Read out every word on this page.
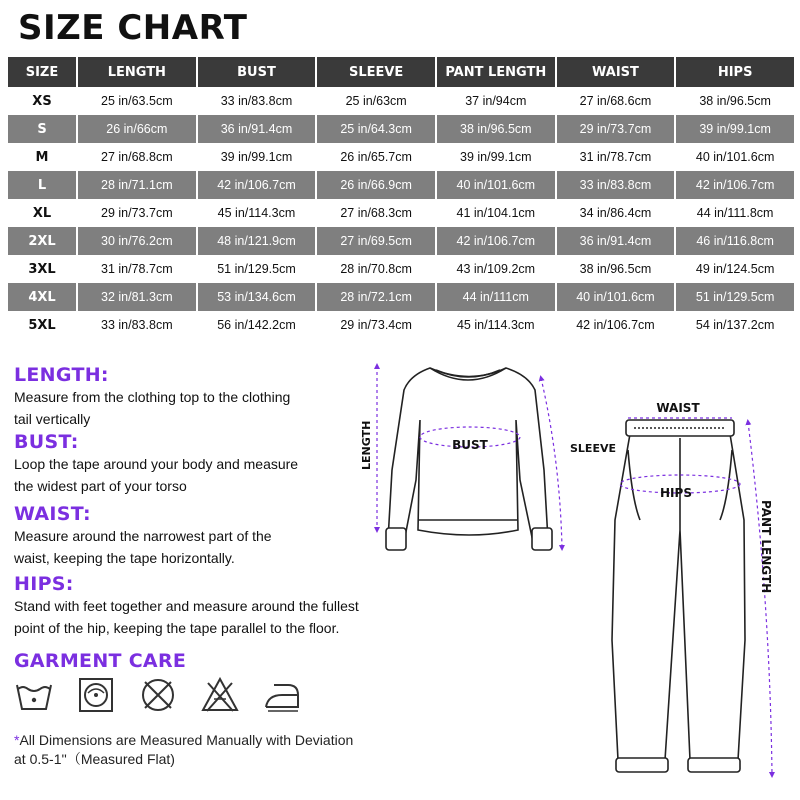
SIZE CHART
SIZE	LENGTH	BUST	SLEEVE	PANT LENGTH	WAIST	HIPS
XS	25 in/63.5cm	33 in/83.8cm	25 in/63cm	37 in/94cm	27 in/68.6cm	38 in/96.5cm
S	26 in/66cm	36 in/91.4cm	25 in/64.3cm	38 in/96.5cm	29 in/73.7cm	39 in/99.1cm
M	27 in/68.8cm	39 in/99.1cm	26 in/65.7cm	39 in/99.1cm	31 in/78.7cm	40 in/101.6cm
L	28 in/71.1cm	42 in/106.7cm	26 in/66.9cm	40 in/101.6cm	33 in/83.8cm	42 in/106.7cm
XL	29 in/73.7cm	45 in/114.3cm	27 in/68.3cm	41 in/104.1cm	34 in/86.4cm	44 in/111.8cm
2XL	30 in/76.2cm	48 in/121.9cm	27 in/69.5cm	42 in/106.7cm	36 in/91.4cm	46 in/116.8cm
3XL	31 in/78.7cm	51 in/129.5cm	28 in/70.8cm	43 in/109.2cm	38 in/96.5cm	49 in/124.5cm
4XL	32 in/81.3cm	53 in/134.6cm	28 in/72.1cm	44 in/111cm	40 in/101.6cm	51 in/129.5cm
5XL	33 in/83.8cm	56 in/142.2cm	29 in/73.4cm	45 in/114.3cm	42 in/106.7cm	54 in/137.2cm
LENGTH:
Measure from the clothing top to the clothing
tail vertically
BUST:
Loop the tape around your body and measure
the widest part of your torso
WAIST:
Measure around the narrowest part of the
waist, keeping the tape horizontally.
HIPS:
Stand with feet together and measure around the fullest
point of the hip, keeping the tape parallel to the floor.
GARMENT CARE
*All Dimensions are Measured Manually with Deviation
at 0.5-1''（Measured Flat)
BUST	SLEEVE
LENGTH
WAIST
HIPS
PANT LENGTH
